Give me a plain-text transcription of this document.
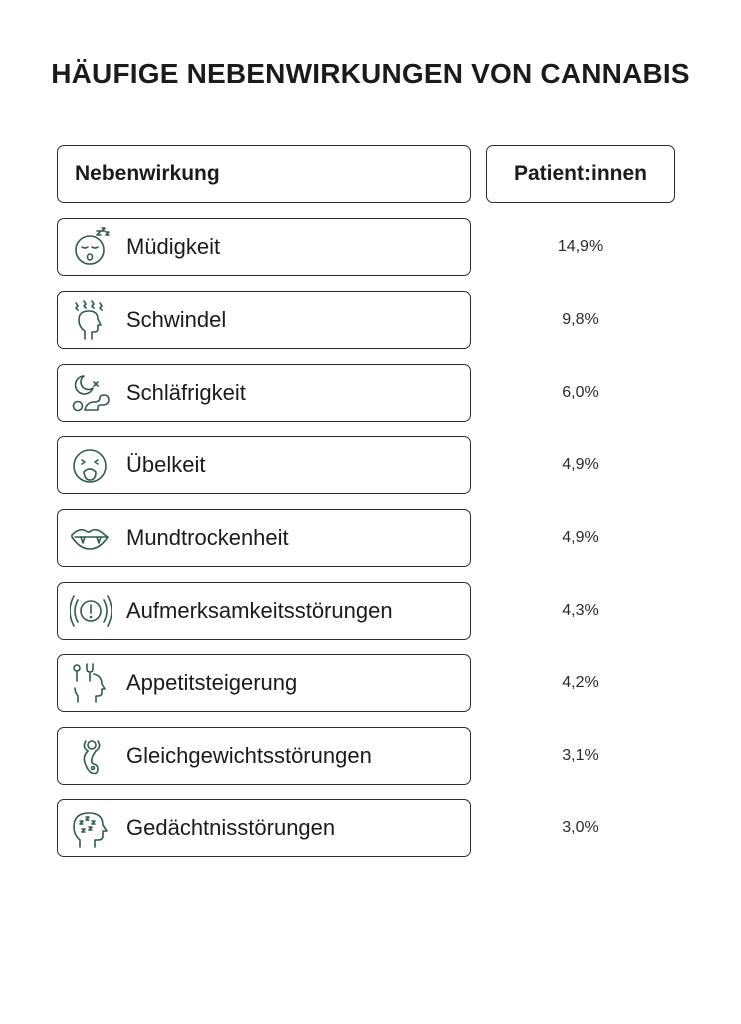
HÄUFIGE NEBENWIRKUNGEN VON CANNABIS
Nebenwirkung	Patient:innen
Müdigkeit	14,9%
Schwindel	9,8%
Schläfrigkeit	6,0%
Übelkeit	4,9%
Mundtrockenheit	4,9%
Aufmerksamkeitsstörungen	4,3%
Appetitsteigerung	4,2%
Gleichgewichtsstörungen	3,1%
Gedächtnisstörungen	3,0%
